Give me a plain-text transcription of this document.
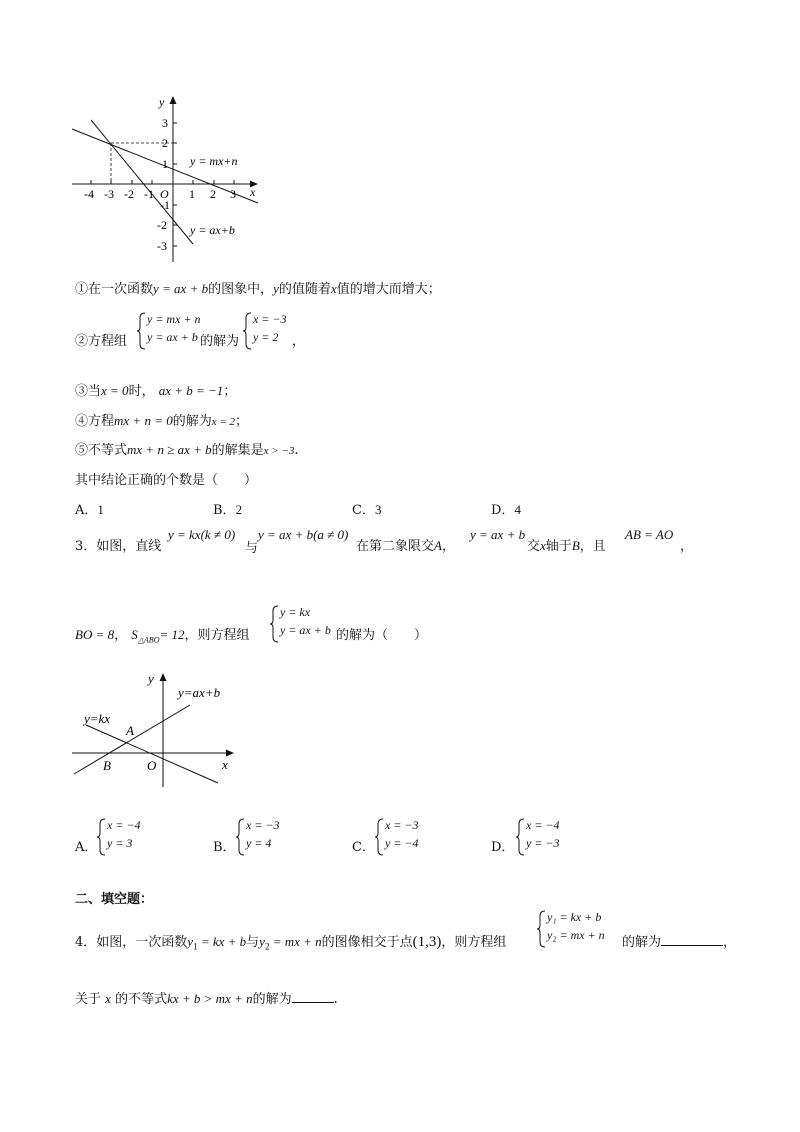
y
x
O
-4 -3 -2 -1	1 2 3
3
2
1
-1
-2
-3
y = mx+n
y = ax+b
①在一次函数y = ax + b的图象中，y的值随着x值的增大而增大；
②方程组
y = mx + n
y = ax + b 的解为
x = −3
y = 2 ，
③当x = 0时， ax + b = −1；
④方程mx + n = 0的解为x = 2；
⑤不等式mx + n ≥ ax + b的解集是x > −3.
其中结论正确的个数是（　　）
A．1	B．2	C．3	D．4
3．如图，直线
y = kx(k ≠ 0)
与
y = ax + b(a ≠ 0)
在第二象限交A，
y = ax + b
交x轴于B，且
AB = AO
，
BO = 8， $S_{\triangle ABO}= 12$，则方程组
y = kx
y = ax + b 的解为（　　）
y
x
O
A
B
y=ax+b
y=kx
A．
x = −4
y = 3	B．
x = −3
y = 4	C．
x = −3
y = −4	D．
x = −4
y = −3
二、填空题：
4．如图，一次函数$y_1$ = kx + b与$y_2$ = mx + n的图像相交于点(1,3)，则方程组
y₁ = kx + b
y₂ = mx + n 的解为	，
关于 x 的不等式kx + b > mx + n的解为	.
